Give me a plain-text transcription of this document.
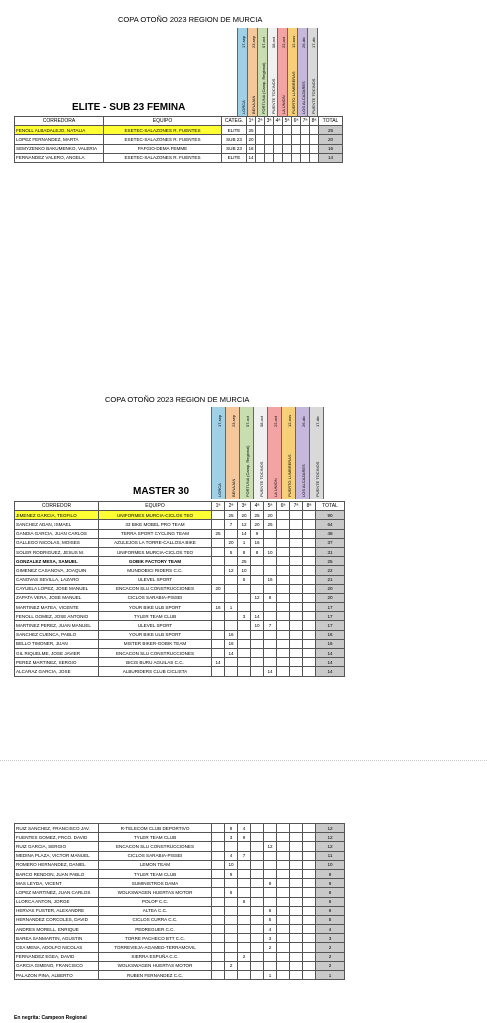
COPA OTOÑO 2023 REGION DE MURCIA
17-sep
LORCA
23-sep
BENAJAN
07-oct
FORTUNA (Camp. Regional)
08-oct
PUENTE TOCINOS
22-oct
LA UNION
12-nov
PUERTO LUMBRERAS
26-dic
LOS ALCAZARES
17-dic
PUENTE TOCINOS
ELITE - SUB 23 FEMINA
CORREDORA	EQUIPO	CATEG.	1ª	2ª	3ª	4ª	5ª	6ª	7ª	8ª	TOTAL
FENOLL ALBADALEJO, NATALIA	ESETEC-SALAZONES R. FUENTES	ELITE	25								25
LOPEZ FERNANDEZ, MARTA	ESETEC-SALAZONES R. FUENTES	SUB 23	20								20
SEMYZENKO BAKUMENKO, VALERIA	PAFGIO-DEMA FEMME	SUB 23	16								16
FERNANDEZ VALERO, ANGELA	ESETEC-SALAZONES R. FUENTES	ELITE	14								14
COPA OTOÑO 2023 REGION DE MURCIA
17-sep
LORCA
23-sep
BENAJAN
07-oct
FORTUNA (Camp. Regional)
08-oct
PUENTE TOCINOS
22-oct
LA UNION
12-nov
PUERTO LUMBRERAS
26-dic
LOS ALCAZARES
17-dic
PUENTE TOCINOS
MASTER 30
CORREDOR	EQUIPO	1ª	2ª	3ª	4ª	5ª	6ª	7ª	8ª	TOTAL
JIMENEZ GARCIA, TEOFILO	UNIFORMES MURCIA-CICLOS TEO		25	20	25	20				90
SANCHEZ ADAN, ISMAEL	33 BIKE MOBEL PRO TEAM		7	12	20	25				64
GANDIA GARCIA, JUAN CARLOS	TERRA SPORT CYCLING TEAM	25		14	9					48
GALLEGO NICOLAS, MOISES	AZULEJOS LA TORRE-CALLOSA BIKE		20	1	16					37
SOLER RODRIGUEZ, JESUS M.	UNIFORMES MURCIA-CICLOS TEO		5	8	8	10				31
GONZALEZ MESA, SAMUEL	GOBIK FACTORY TEAM			25						25
GIMENEZ CASANOVA, JOAQUIN	MUNDOBICI RIDERS C.C.		12	10						22
CANOVAS SEVILLA, LAZARO	ULEVEL SPORT			5		16				21
CAYUELA LOPEZ, JOSE MANUEL	ENCACON SLU CONSTRUCCIONES	20								20
ZAPATA VERA, JOSE MANUEL	CICLOS SARABIA-PISSEI				12	8				20
MARTINEZ MATEA, VICENTE	YOUR BIKE ULB SPORT	16	1							17
FENOLL GOMEZ, JOSE ANTONIO	TYLER TEAM CLUB			3	14					17
MARTINEZ PEREZ, JUAN MANUEL	ULEVEL SPORT				10	7				17
SANCHEZ CUENCA, PABLO	YOUR BIKE ULB SPORT		16							16
BELLO TIMONER, JUAN	MISTER BIKER-GOBIK TEAM		16							16
GIL RIQUELME, JOSE JAVIER	ENCACON SLU CONSTRUCCIONES		14							14
PEREZ MARTINEZ, SERGIO	BICIS BURU AGUILAS C.C.	14								14
ALCARAZ GARCIA, JOSE	ALBURIDERS CLUB CICLISTA					14				14
RUIZ SANCHEZ, FRANCISCO JAV.	R-TELECOM CLUB DEPORTIVO		8	4						12
FUENTES GOMEZ, FRCO. DAVID	TYLER TEAM CLUB		3	9						12
RUIZ GARCIA, SERGIO	ENCACON SLU CONSTRUCCIONES					12				12
MEDINA PLAZA, VICTOR MANUEL	CICLOS SARABIA-PISSEI		4	7						11
ROMERO HERNANDEZ, DANIEL	LEMON TEAM		10							10
BARCO RENDON, JUAN PABLO	TYLER TEAM CLUB		9							9
MAS LEYDA, VICENT	SUMINISTROS DAMA					9				9
LOPEZ MARTINEZ, JUAN CARLOS	WOLKSWAGEN HUERTAS MOTOR		6							6
LLORCA ANTON, JORGE	POLOP C.C.			6						6
HERVAS FUSTER, ALEXANDRE	ALTEA C.C.					6				6
HERNANDEZ CORCOLES, DAVID	CICLOS CURRA C.C.					5				5
ANDRES MORELL, ENRIQUE	PEDREGUER C.C.					4				4
BAREA SANMARTIN, AGUSTIN	TORRE PACHECO BTT C.C.					3				3
CEA MENA, ADOLFO NICOLAS	TORREVIEJA-AGAMED-TERRAMOVIL					2				2
FERNANDEZ EGEA, DAVID	SIERRA ESPUÑA C.C.			2						2
GARCIA GIMENO, FRANCISCO	WOLKSWAGEN HUERTAS MOTOR		2							2
PALAZON PINA, ALBERTO	RUBEN FERNANDEZ C.C.					1				1
En negrita: Campeon Regional
